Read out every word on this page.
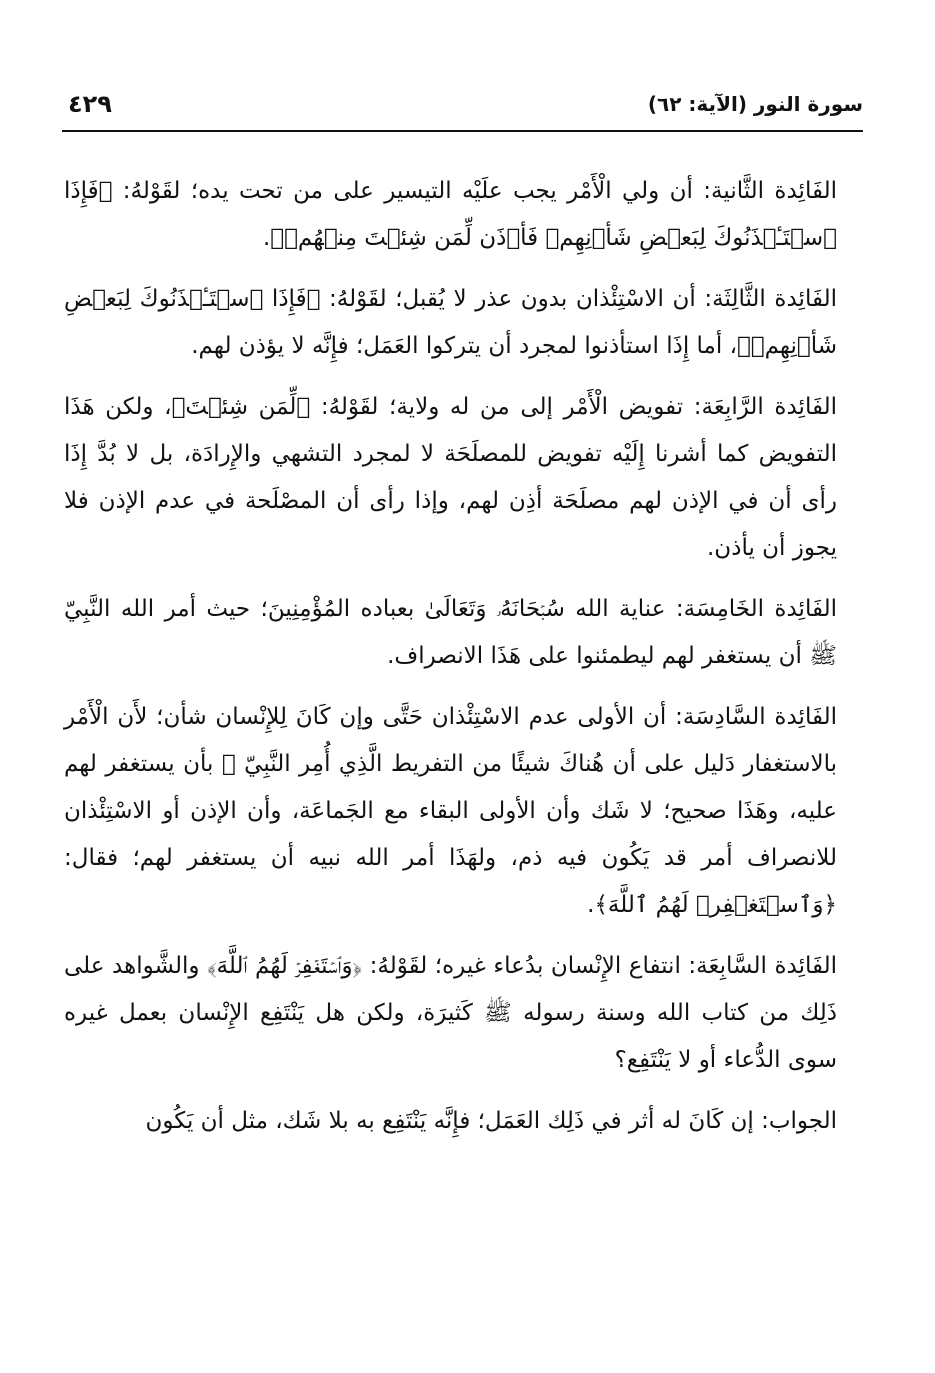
سورة النور (الآية: ٦٢)
٤٢٩

الفَائِدة الثَّانية: أن ولي الْأَمْر يجب علَيْه التيسير على من تحت يده؛ لقَوْلهُ: ﴿فَإِذَا ٱسۡتَـٔۡذَنُوكَ لِبَعۡضِ شَأۡنِهِمۡ فَأۡذَن لِّمَن شِئۡتَ مِنۡهُمۡ﴾.

الفَائِدة الثَّالِثَة: أن الاسْتِئْذان بدون عذر لا يُقبل؛ لقَوْلهُ: ﴿فَإِذَا ٱسۡتَـٔۡذَنُوكَ لِبَعۡضِ شَأۡنِهِمۡ﴾، أما إِذَا استأذنوا لمجرد أن يتركوا العَمَل؛ فإِنَّه لا يؤذن لهم.

الفَائِدة الرَّابِعَة: تفويض الْأَمْر إلى من له ولاية؛ لقَوْلهُ: ﴿لِّمَن شِئۡتَ﴾، ولكن هَذَا التفويض كما أشرنا إِلَيْه تفويض للمصلَحَة لا لمجرد التشهي والإِرادَة، بل لا بُدَّ إِذَا رأى أن في الإذن لهم مصلَحَة أذِن لهم، وإذا رأى أن المصْلَحة في عدم الإذن فلا يجوز أن يأذن.

الفَائِدة الخَامِسَة: عناية الله سُبۡحَانَهُۥ وَتَعَالَىٰ بعباده المُؤْمِنِينَ؛ حيث أمر الله النَّبِيّ ﷺ أن يستغفر لهم ليطمئنوا على هَذَا الانصراف.

الفَائِدة السَّادِسَة: أن الأولى عدم الاسْتِئْذان حَتَّى وإن كَانَ لِلإِنْسان شأن؛ لأَن الْأَمْر بالاستغفار دَليل على أن هُناكَ شيئًا من التفريط الَّذِي أُمِر النَّبِيّ ﷺ بأن يستغفر لهم عليه، وهَذَا صحيح؛ لا شَك وأن الأولى البقاء مع الجَماعَة، وأن الإذن أو الاسْتِئْذان للانصراف أمر قد يَكُون فيه ذم، ولهَذَا أمر الله نبيه أن يستغفر لهم؛ فقال: ﴿وَٱسۡتَغۡفِرۡ لَهُمُ ٱللَّهَ﴾.

الفَائِدة السَّابِعَة: انتفاع الإِنْسان بدُعاء غيره؛ لقَوْلهُ: ﴿وَٱسۡتَغۡفِرۡ لَهُمُ ٱللَّهَ﴾ والشَّواهد على ذَلِك من كتاب الله وسنة رسوله ﷺ كَثيرَة، ولكن هل يَنْتَفِع الإِنْسان بعمل غيره سوى الدُّعاء أو لا يَنْتَفِع؟

الجواب: إن كَانَ له أثر في ذَلِك العَمَل؛ فإِنَّه يَنْتَفِع به بلا شَك، مثل أن يَكُون
